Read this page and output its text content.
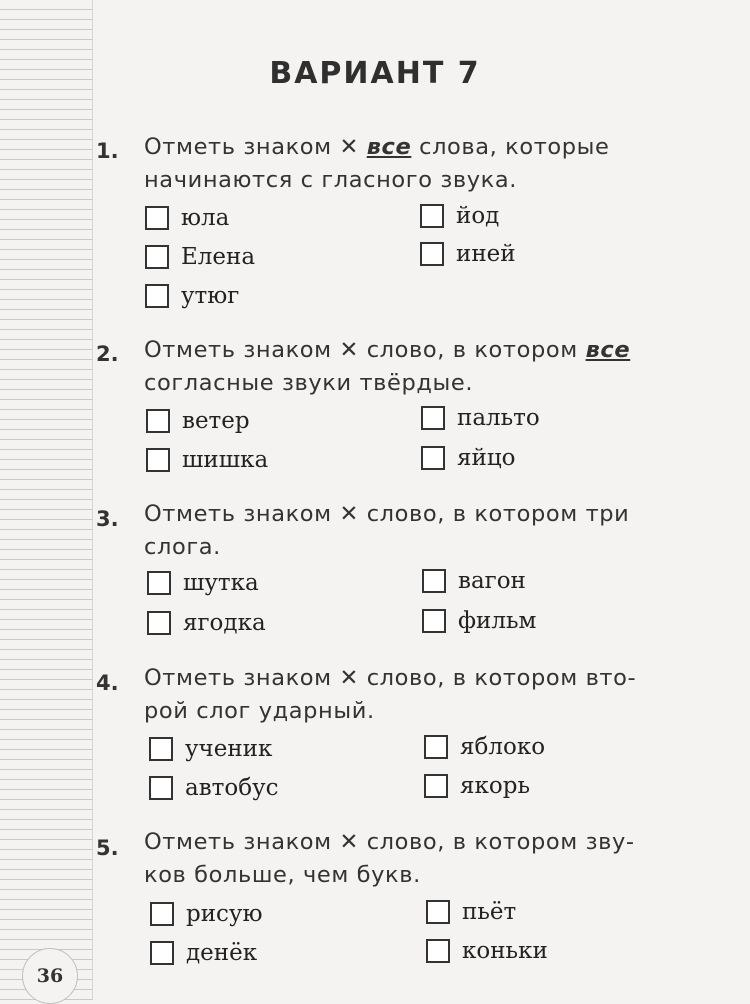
ВАРИАНТ 7
1. Отметь знаком ✕ все слова, которые
начинаются с гласного звука.
юла	йод
Елена	иней
утюг
2. Отметь знаком ✕ слово, в котором все
согласные звуки твёрдые.
ветер	пальто
шишка	яйцо
3. Отметь знаком ✕ слово, в котором три
слога.
шутка	вагон
ягодка	фильм
4. Отметь знаком ✕ слово, в котором вто-
рой слог ударный.
ученик	яблоко
автобус	якорь
5. Отметь знаком ✕ слово, в котором зву-
ков больше, чем букв.
рисую	пьёт
денёк	коньки
36
